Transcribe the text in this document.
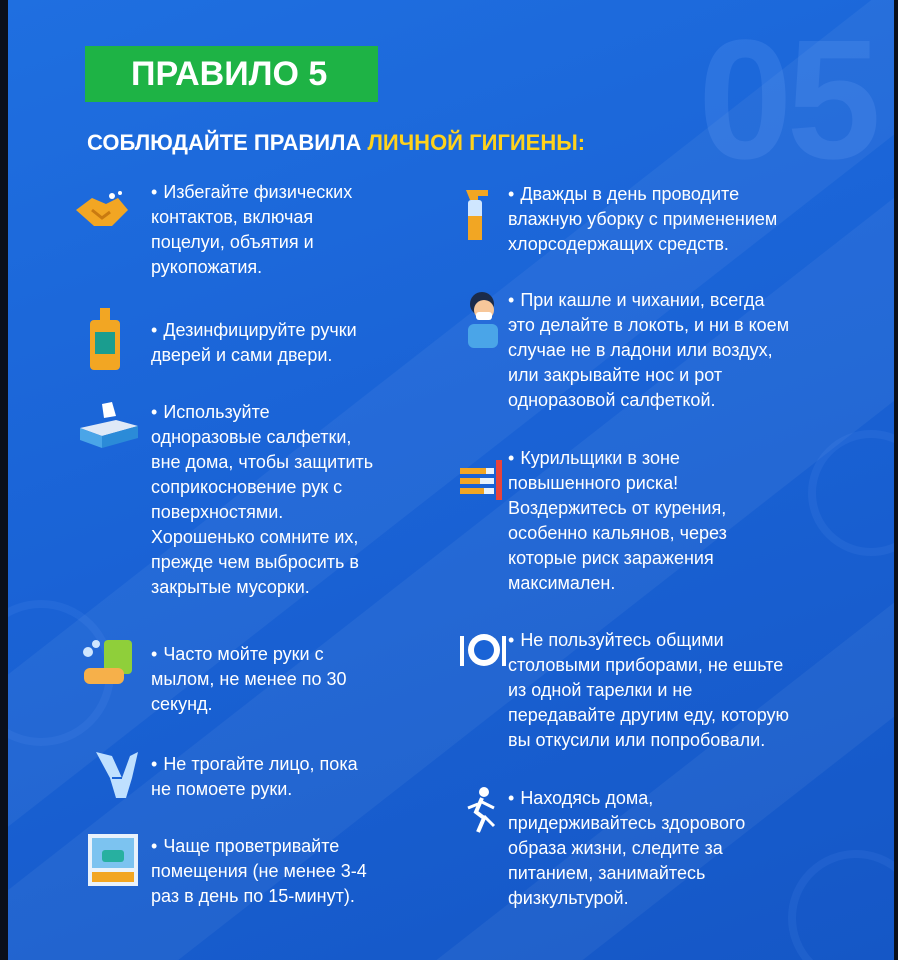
05
ПРАВИЛО 5
СОБЛЮДАЙТЕ ПРАВИЛА ЛИЧНОЙ ГИГИЕНЫ:
• Избегайте физических
контактов, включая
поцелуи, объятия и
рукопожатия.
• Дезинфицируйте ручки
дверей и сами двери.
• Используйте
одноразовые салфетки,
вне дома, чтобы защитить
соприкосновение рук с
поверхностями.
Хорошенько сомните их,
прежде чем выбросить в
закрытые мусорки.
• Часто мойте руки с
мылом, не менее по 30
секунд.
• Не трогайте лицо, пока
не помоете руки.
• Чаще проветривайте
помещения (не менее 3-4
раз в день по 15-минут).
• Дважды в день проводите
влажную уборку с применением
хлорсодержащих средств.
• При кашле и чихании, всегда
это делайте в локоть, и ни в коем
случае не в ладони или воздух,
или закрывайте нос и рот
одноразовой салфеткой.
• Курильщики в зоне
повышенного риска!
Воздержитесь от курения,
особенно кальянов, через
которые риск заражения
максимален.
• Не пользуйтесь общими
столовыми приборами, не ешьте
из одной тарелки и не
передавайте другим еду, которую
вы откусили или попробовали.
• Находясь дома,
придерживайтесь здорового
образа жизни, следите за
питанием, занимайтесь
физкультурой.
